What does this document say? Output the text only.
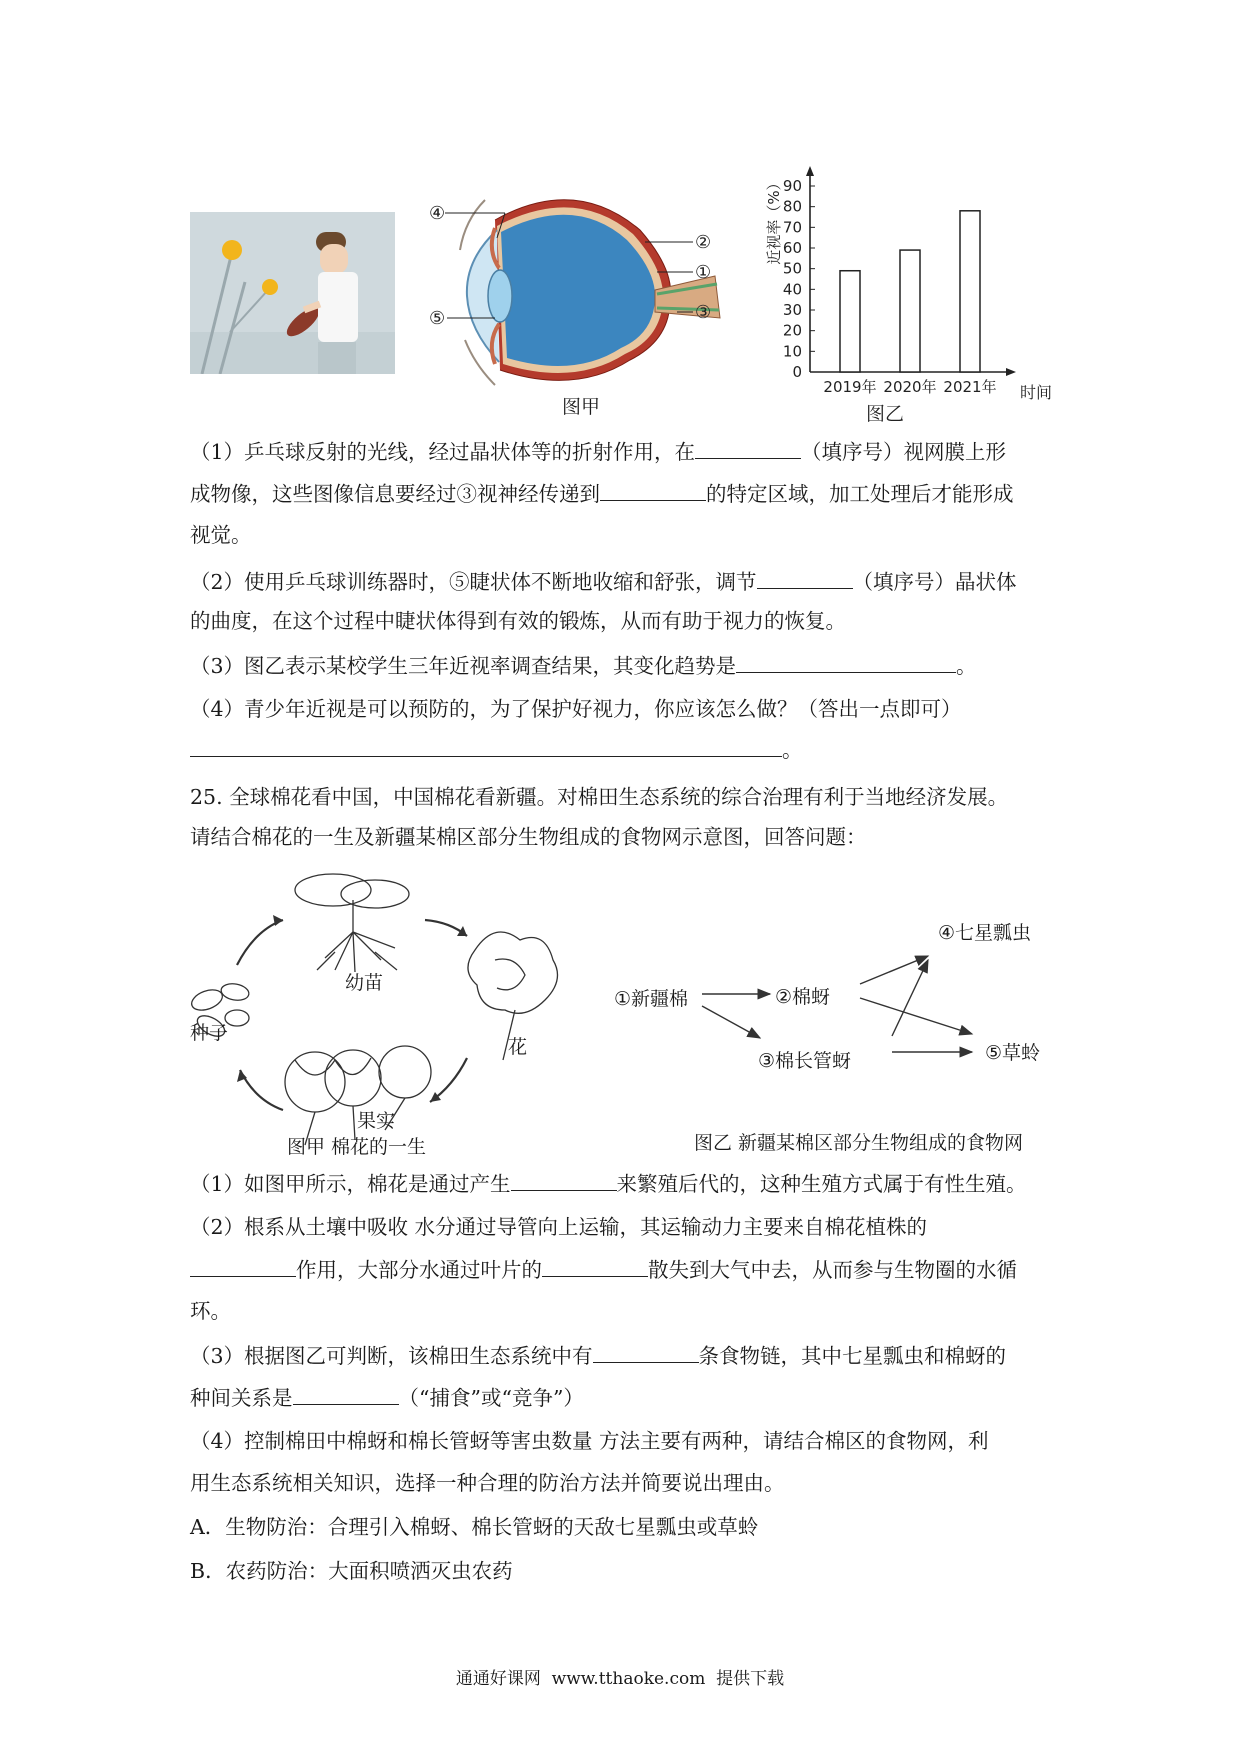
④
②
①
③
⑤
图甲
0
10
20
30
40
50
60
70
80
90
近视率（%）
2019年 2020年 2021年 时间
图乙
（1）乒乓球反射的光线，经过晶状体等的折射作用，在	（填序号）视网膜上形
成物像，这些图像信息要经过③视神经传递到	的特定区域，加工处理后才能形成
视觉。
（2）使用乒乓球训练器时，⑤睫状体不断地收缩和舒张，调节	（填序号）晶状体
的曲度，在这个过程中睫状体得到有效的锻炼，从而有助于视力的恢复。
（3）图乙表示某校学生三年近视率调查结果，其变化趋势是	。
（4）青少年近视是可以预防的，为了保护好视力，你应该怎么做？（答出一点即可）
。
25. 全球棉花看中国，中国棉花看新疆。对棉田生态系统的综合治理有利于当地经济发展。
请结合棉花的一生及新疆某棉区部分生物组成的食物网示意图，回答问题：
幼苗
花
种子
果实
图甲 棉花的一生
①新疆棉	②棉蚜
③棉长管蚜
④七星瓢虫
⑤草蛉
图乙 新疆某棉区部分生物组成的食物网
（1）如图甲所示，棉花是通过产生	来繁殖后代的，这种生殖方式属于有性生殖。
（2）根系从土壤中吸收 水分通过导管向上运输，其运输动力主要来自棉花植株的
作用，大部分水通过叶片的	散失到大气中去，从而参与生物圈的水循
环。
（3）根据图乙可判断，该棉田生态系统中有	条食物链，其中七星瓢虫和棉蚜的
种间关系是	（“捕食”或“竞争”）
（4）控制棉田中棉蚜和棉长管蚜等害虫数量 方法主要有两种，请结合棉区的食物网，利
用生态系统相关知识，选择一种合理的防治方法并简要说出理由。
A．生物防治：合理引入棉蚜、棉长管蚜的天敌七星瓢虫或草蛉
B．农药防治：大面积喷洒灭虫农药
通通好课网  www.tthaoke.com  提供下载
